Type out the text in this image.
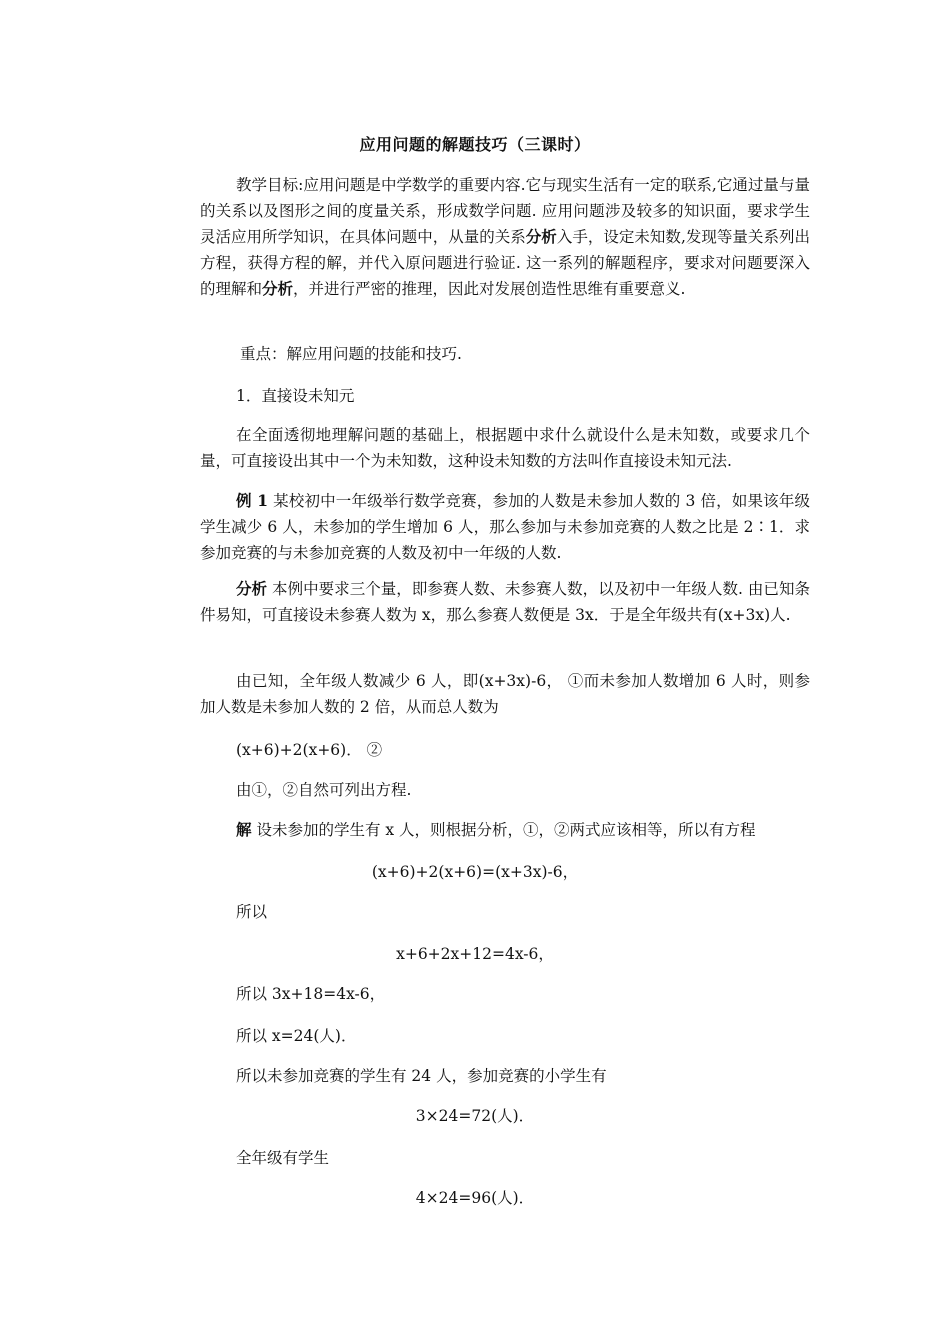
应用问题的解题技巧（三课时）
教学目标:应用问题是中学数学的重要内容.它与现实生活有一定的联系,它通过量与量的关系以及图形之间的度量关系，形成数学问题. 应用问题涉及较多的知识面，要求学生灵活应用所学知识，在具体问题中，从量的关系分析入手，设定未知数,发现等量关系列出方程，获得方程的解，并代入原问题进行验证. 这一系列的解题程序，要求对问题要深入的理解和分析，并进行严密的推理，因此对发展创造性思维有重要意义.
重点：解应用问题的技能和技巧.
1．直接设未知元
在全面透彻地理解问题的基础上，根据题中求什么就设什么是未知数，或要求几个量，可直接设出其中一个为未知数，这种设未知数的方法叫作直接设未知元法.
例 1 某校初中一年级举行数学竞赛，参加的人数是未参加人数的 3 倍，如果该年级学生减少 6 人，未参加的学生增加 6 人，那么参加与未参加竞赛的人数之比是 2∶1．求参加竞赛的与未参加竞赛的人数及初中一年级的人数.
分析 本例中要求三个量，即参赛人数、未参赛人数，以及初中一年级人数. 由已知条件易知，可直接设未参赛人数为 x，那么参赛人数便是 3x．于是全年级共有(x+3x)人.
由已知，全年级人数减少 6 人，即(x+3x)-6， ①而未参加人数增加 6 人时，则参加人数是未参加人数的 2 倍，从而总人数为
(x+6)+2(x+6)． ②
由①，②自然可列出方程.
解 设未参加的学生有 x 人，则根据分析，①，②两式应该相等，所以有方程
(x+6)+2(x+6)=(x+3x)-6，
所以
x+6+2x+12=4x-6，
所以 3x+18=4x-6，
所以 x=24(人)．
所以未参加竞赛的学生有 24 人，参加竞赛的小学生有
3×24=72(人)．
全年级有学生
4×24=96(人)．
